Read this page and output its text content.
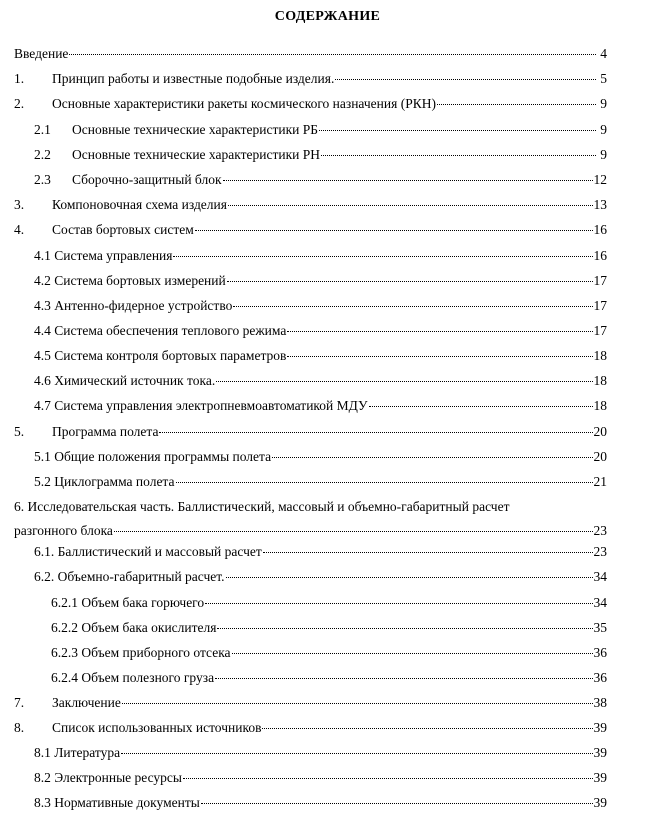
СОДЕРЖАНИЕ
Введение	4
1.	Принцип работы и известные подобные изделия.	5
2.	Основные характеристики ракеты космического назначения (РКН)	9
2.1	Основные технические характеристики РБ	9
2.2	Основные технические характеристики РН	9
2.3	Сборочно-защитный блок	12
3.	Компоновочная схема изделия	13
4.	Состав бортовых систем	16
4.1 Система управления	16
4.2 Система бортовых измерений	17
4.3 Антенно-фидерное устройство	17
4.4 Система обеспечения теплового режима	17
4.5 Система контроля бортовых параметров	18
4.6 Химический источник тока.	18
4.7 Система управления электропневмоавтоматикой МДУ	18
5.	Программа полета	20
5.1 Общие положения программы полета	20
5.2 Циклограмма полета	21
6. Исследовательская часть. Баллистический, массовый и объемно-габаритный расчет
разгонного блока	23
6.1. Баллистический и массовый расчет	23
6.2. Объемно-габаритный расчет.	34
6.2.1 Объем бака горючего	34
6.2.2 Объем бака окислителя	35
6.2.3 Объем приборного отсека	36
6.2.4 Объем полезного груза	36
7.	Заключение	38
8.	Список использованных источников	39
8.1 Литература	39
8.2 Электронные ресурсы	39
8.3 Нормативные документы	39
